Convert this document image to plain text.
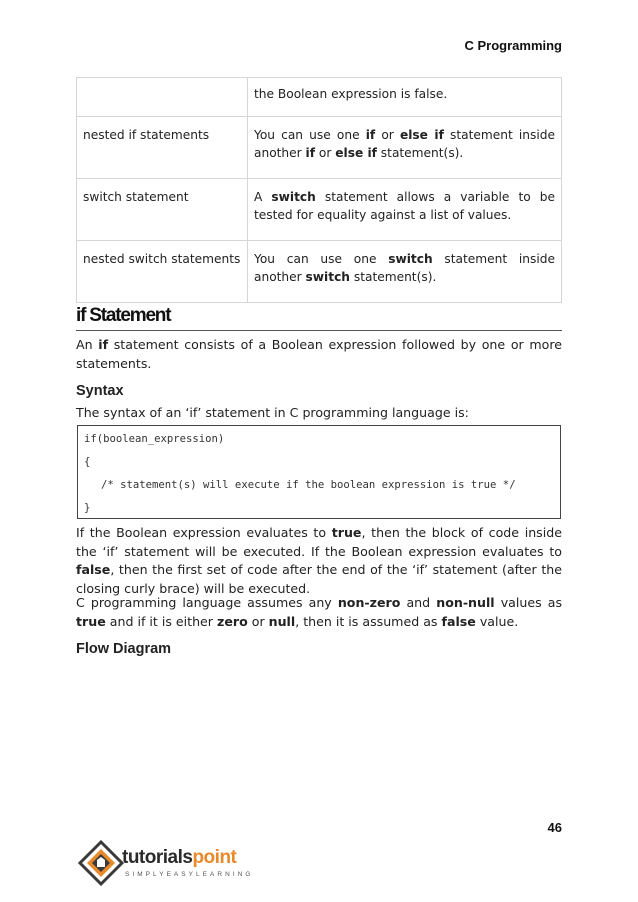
C Programming
	the Boolean expression is false.
nested if statements	You can use one if or else if statement inside another if or else if statement(s).
switch statement	A switch statement allows a variable to be tested for equality against a list of values.
nested switch statements	You can use one switch statement inside another switch statement(s).
if Statement
An if statement consists of a Boolean expression followed by one or more statements.
Syntax
The syntax of an ‘if’ statement in C programming language is:
if(boolean_expression)
{
/* statement(s) will execute if the boolean expression is true */
}
If the Boolean expression evaluates to true, then the block of code inside the ‘if’ statement will be executed. If the Boolean expression evaluates to false, then the first set of code after the end of the ‘if’ statement (after the closing curly brace) will be executed.
C programming language assumes any non-zero and non-null values as true and if it is either zero or null, then it is assumed as false value.
Flow Diagram
46
tutorialspoint
SIMPLYEASYLEARNING
